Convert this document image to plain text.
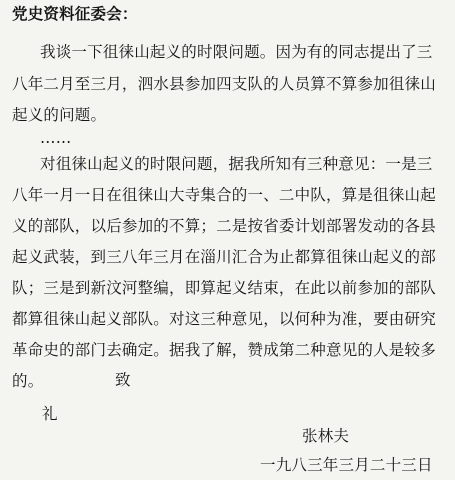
党史资料征委会：
我谈一下徂徕山起义的时限问题。因为有的同志提出了三
八年二月至三月，泗水县参加四支队的人员算不算参加徂徕山
起义的问题。
……
对徂徕山起义的时限问题，据我所知有三种意见：一是三
八年一月一日在徂徕山大寺集合的一、二中队，算是徂徕山起
义的部队，以后参加的不算；二是按省委计划部署发动的各县
起义武装，到三八年三月在淄川汇合为止都算徂徕山起义的部
队；三是到新汶河整编，即算起义结束，在此以前参加的部队
都算徂徕山起义部队。对这三种意见，以何种为准，要由研究
革命史的部门去确定。据我了解，赞成第二种意见的人是较多
的。	致
礼
张林夫
一九八三年三月二十三日
